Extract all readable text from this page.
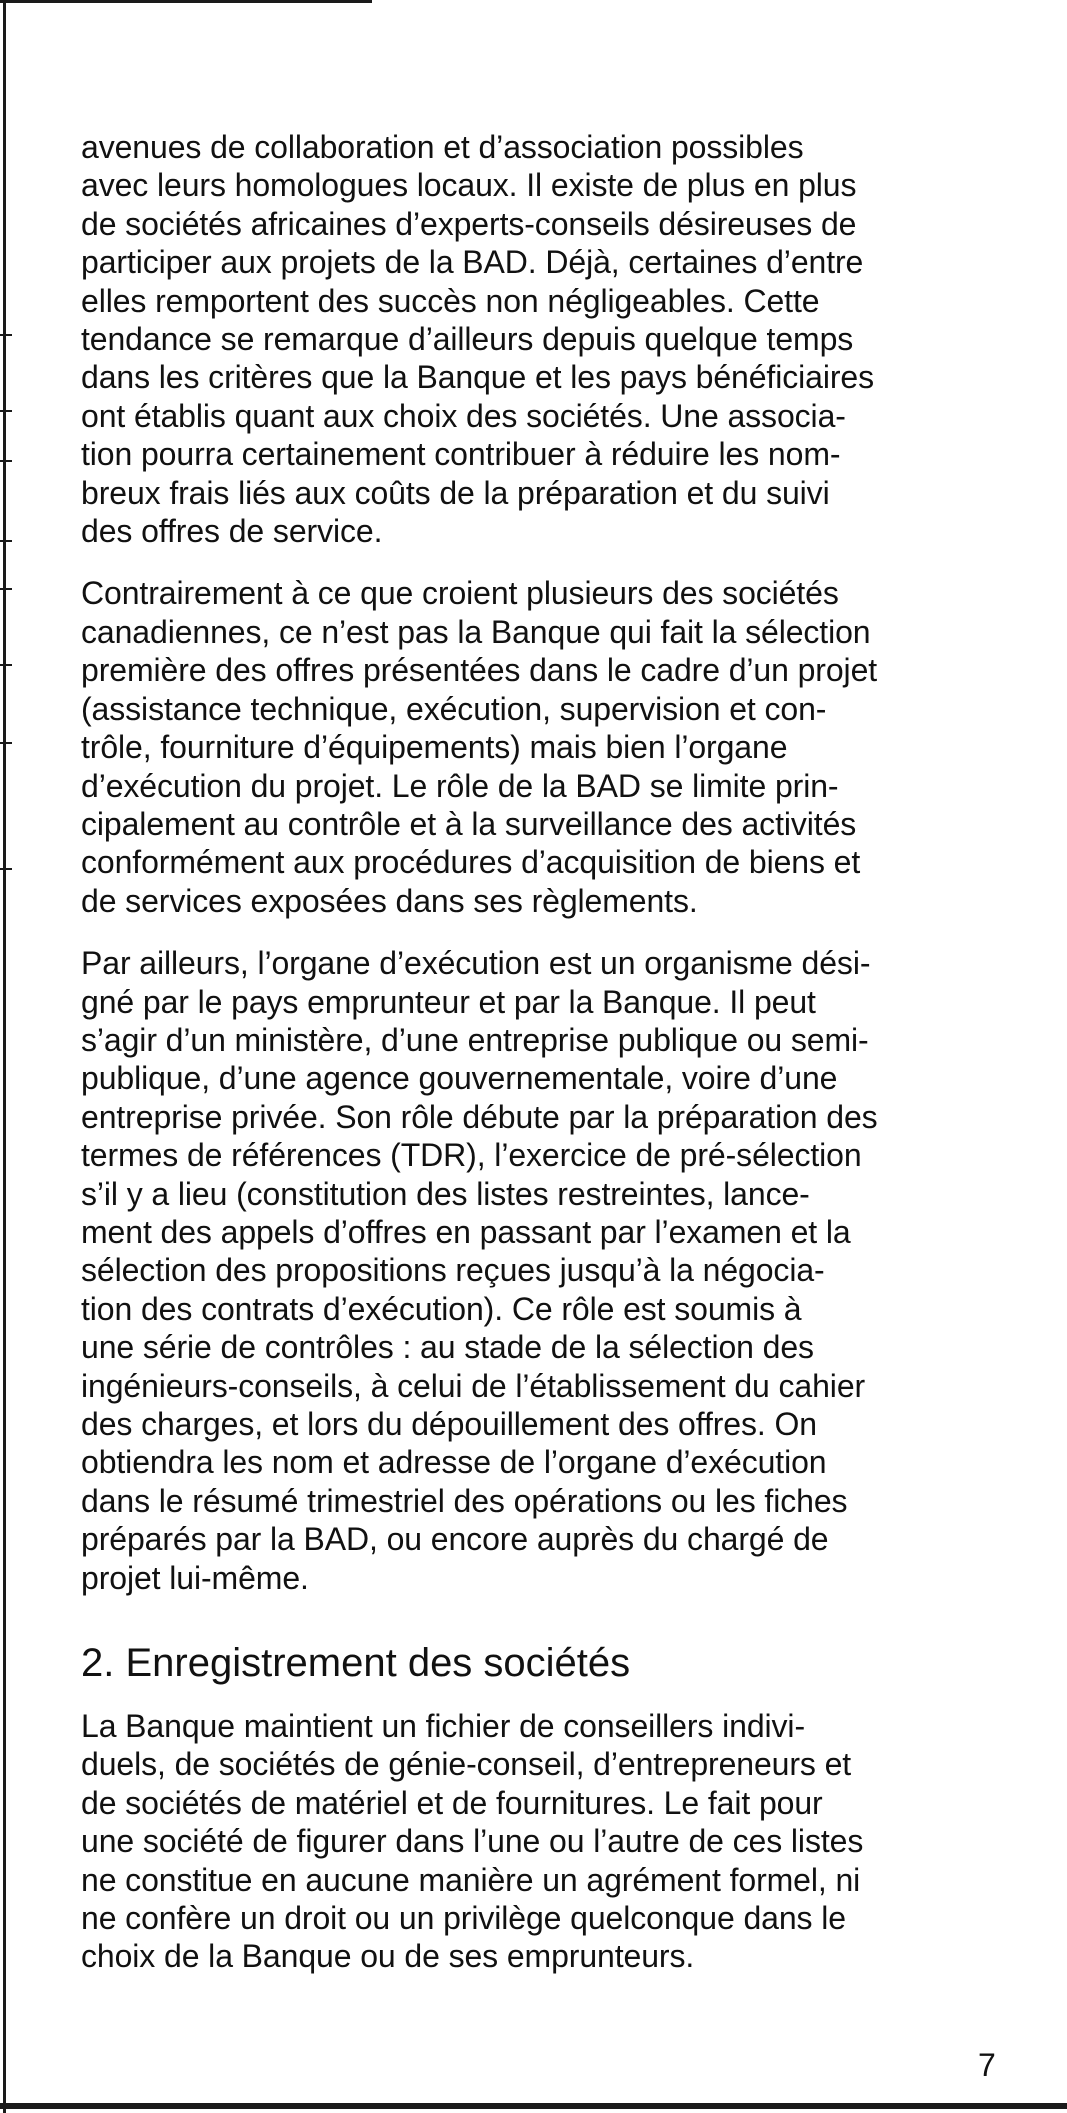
avenues de collaboration et d’association possibles
avec leurs homologues locaux. Il existe de plus en plus
de sociétés africaines d’experts-conseils désireuses de
participer aux projets de la BAD. Déjà, certaines d’entre
elles remportent des succès non négligeables. Cette
tendance se remarque d’ailleurs depuis quelque temps
dans les critères que la Banque et les pays bénéficiaires
ont établis quant aux choix des sociétés. Une associa-
tion pourra certainement contribuer à réduire les nom-
breux frais liés aux coûts de la préparation et du suivi
des offres de service.

Contrairement à ce que croient plusieurs des sociétés
canadiennes, ce n’est pas la Banque qui fait la sélection
première des offres présentées dans le cadre d’un projet
(assistance technique, exécution, supervision et con-
trôle, fourniture d’équipements) mais bien l’organe
d’exécution du projet. Le rôle de la BAD se limite prin-
cipalement au contrôle et à la surveillance des activités
conformément aux procédures d’acquisition de biens et
de services exposées dans ses règlements.

Par ailleurs, l’organe d’exécution est un organisme dési-
gné par le pays emprunteur et par la Banque. Il peut
s’agir d’un ministère, d’une entreprise publique ou semi-
publique, d’une agence gouvernementale, voire d’une
entreprise privée. Son rôle débute par la préparation des
termes de références (TDR), l’exercice de pré-sélection
s’il y a lieu (constitution des listes restreintes, lance-
ment des appels d’offres en passant par l’examen et la
sélection des propositions reçues jusqu’à la négocia-
tion des contrats d’exécution). Ce rôle est soumis à
une série de contrôles : au stade de la sélection des
ingénieurs-conseils, à celui de l’établissement du cahier
des charges, et lors du dépouillement des offres. On
obtiendra les nom et adresse de l’organe d’exécution
dans le résumé trimestriel des opérations ou les fiches
préparés par la BAD, ou encore auprès du chargé de
projet lui-même.

2. Enregistrement des sociétés

La Banque maintient un fichier de conseillers indivi-
duels, de sociétés de génie-conseil, d’entrepreneurs et
de sociétés de matériel et de fournitures. Le fait pour
une société de figurer dans l’une ou l’autre de ces listes
ne constitue en aucune manière un agrément formel, ni
ne confère un droit ou un privilège quelconque dans le
choix de la Banque ou de ses emprunteurs.

7
